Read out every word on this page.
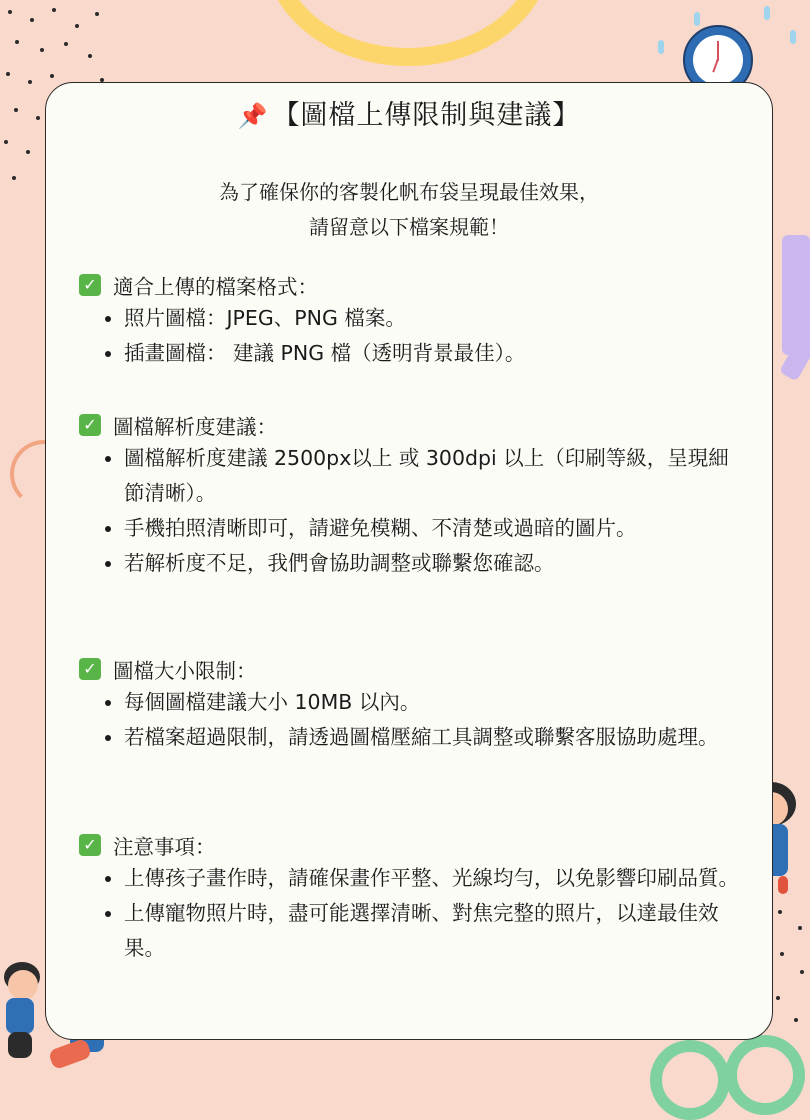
📌 【圖檔上傳限制與建議】
為了確保你的客製化帆布袋呈現最佳效果，
請留意以下檔案規範！
✓ 適合上傳的檔案格式：
照片圖檔：JPEG、PNG 檔案。
插畫圖檔： 建議 PNG 檔（透明背景最佳）。
✓ 圖檔解析度建議：
圖檔解析度建議 2500px以上 或 300dpi 以上（印刷等級，呈現細節清晰）。
手機拍照清晰即可，請避免模糊、不清楚或過暗的圖片。
若解析度不足，我們會協助調整或聯繫您確認。
✓ 圖檔大小限制：
每個圖檔建議大小 10MB 以內。
若檔案超過限制，請透過圖檔壓縮工具調整或聯繫客服協助處理。
✓ 注意事項：
上傳孩子畫作時，請確保畫作平整、光線均勻，以免影響印刷品質。
上傳寵物照片時，盡可能選擇清晰、對焦完整的照片，以達最佳效果。
